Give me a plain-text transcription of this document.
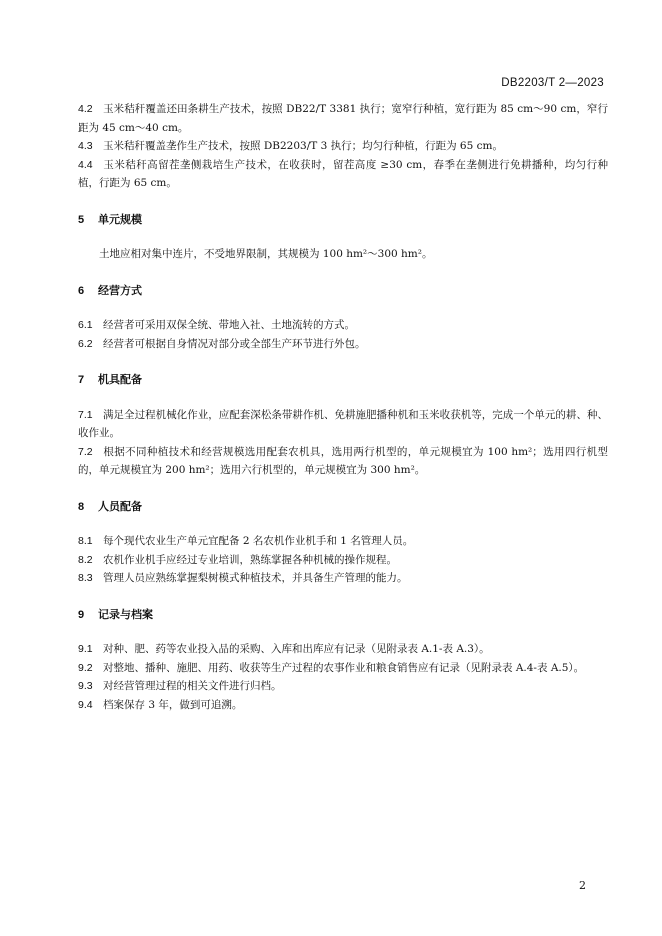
DB2203/T 2—2023

4.2 玉米秸秆覆盖还田条耕生产技术，按照 DB22/T 3381 执行；宽窄行种植，宽行距为 85 cm～90 cm，窄行距为 45 cm～40 cm。

4.3 玉米秸秆覆盖垄作生产技术，按照 DB2203/T 3 执行；均匀行种植，行距为 65 cm。

4.4 玉米秸秆高留茬垄侧栽培生产技术，在收获时，留茬高度 ≥30 cm，春季在垄侧进行免耕播种，均匀行种植，行距为 65 cm。

5 单元规模

土地应相对集中连片，不受地界限制，其规模为 100 hm²～300 hm²。

6 经营方式

6.1 经营者可采用双保全统、带地入社、土地流转的方式。

6.2 经营者可根据自身情况对部分或全部生产环节进行外包。

7 机具配备

7.1 满足全过程机械化作业，应配套深松条带耕作机、免耕施肥播种机和玉米收获机等，完成一个单元的耕、种、收作业。

7.2 根据不同种植技术和经营规模选用配套农机具，选用两行机型的，单元规模宜为 100 hm²；选用四行机型的，单元规模宜为 200 hm²；选用六行机型的，单元规模宜为 300 hm²。

8 人员配备

8.1 每个现代农业生产单元宜配备 2 名农机作业机手和 1 名管理人员。

8.2 农机作业机手应经过专业培训，熟练掌握各种机械的操作规程。

8.3 管理人员应熟练掌握梨树模式种植技术，并具备生产管理的能力。

9 记录与档案

9.1 对种、肥、药等农业投入品的采购、入库和出库应有记录（见附录表 A.1-表 A.3）。

9.2 对整地、播种、施肥、用药、收获等生产过程的农事作业和粮食销售应有记录（见附录表 A.4-表 A.5）。

9.3 对经营管理过程的相关文件进行归档。

9.4 档案保存 3 年，做到可追溯。

2
